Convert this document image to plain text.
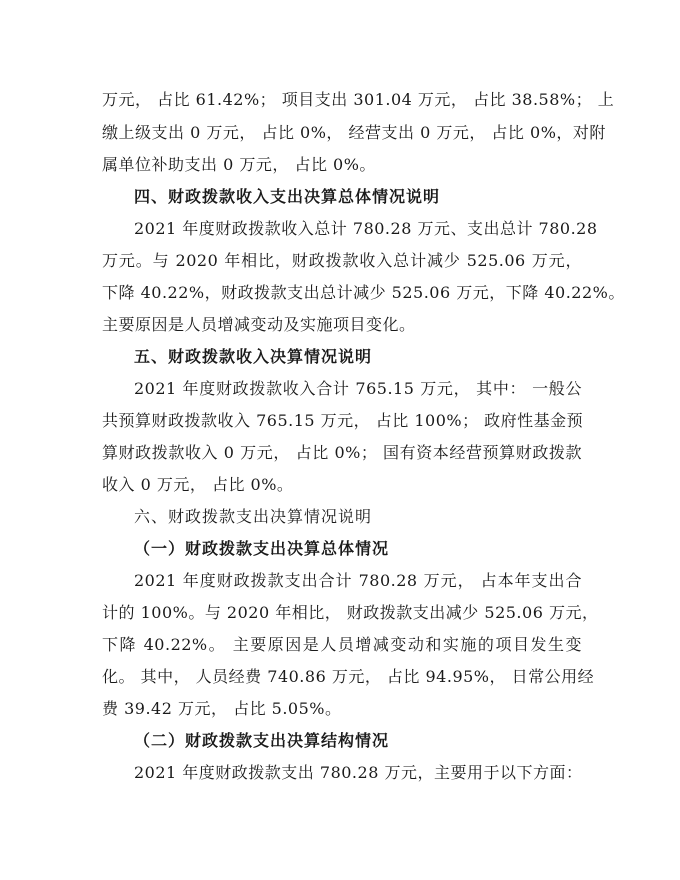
万元， 占比 61.42%； 项目支出 301.04 万元， 占比 38.58%； 上
缴上级支出 0 万元， 占比 0%， 经营支出 0 万元， 占比 0%，对附
属单位补助支出 0 万元， 占比 0%。
四、财政拨款收入支出决算总体情况说明
2021 年度财政拨款收入总计 780.28 万元、支出总计 780.28
万元。与 2020 年相比，财政拨款收入总计减少 525.06 万元，
下降 40.22%，财政拨款支出总计减少 525.06 万元，下降 40.22%。
主要原因是人员增减变动及实施项目变化。
五、财政拨款收入决算情况说明
2021 年度财政拨款收入合计 765.15 万元， 其中： 一般公
共预算财政拨款收入 765.15 万元， 占比 100%； 政府性基金预
算财政拨款收入 0 万元， 占比 0%； 国有资本经营预算财政拨款
收入 0 万元， 占比 0%。
六、财政拨款支出决算情况说明
（一）财政拨款支出决算总体情况
2021 年度财政拨款支出合计 780.28 万元， 占本年支出合
计的 100%。与 2020 年相比， 财政拨款支出减少 525.06 万元，
下降 40.22%。 主要原因是人员增减变动和实施的项目发生变
化。 其中， 人员经费 740.86 万元， 占比 94.95%， 日常公用经
费 39.42 万元， 占比 5.05%。
（二）财政拨款支出决算结构情况
2021 年度财政拨款支出 780.28 万元，主要用于以下方面：
